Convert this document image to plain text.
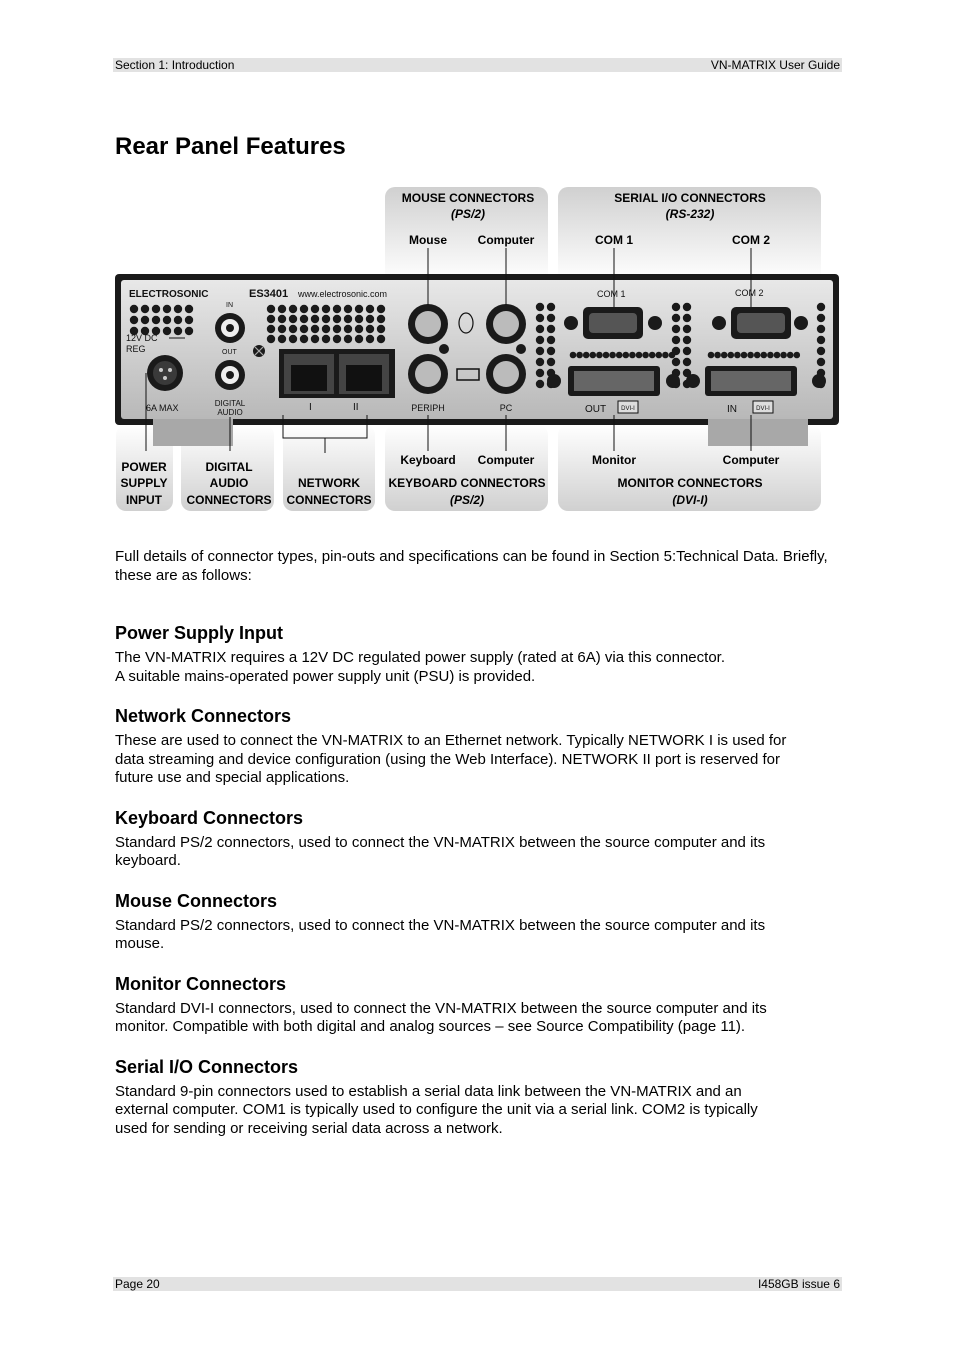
Section 1: Introduction	VN-MATRIX User Guide
Rear Panel Features
MOUSE CONNECTORS
(PS/2)
Mouse	Computer
SERIAL I/O CONNECTORS
(RS-232)
COM 1	COM 2
ELECTROSONIC	ES3401 www.electrosonic.com
12V DC
REG
6A MAX
IN
OUT
DIGITAL
AUDIO	I	II	PERIPH	PC
COM 1	COM 2
OUT	DVI-I	IN	DVI-I
POWER
SUPPLY
INPUT
DIGITAL
AUDIO
CONNECTORS
NETWORK
CONNECTORS
Keyboard Computer
KEYBOARD CONNECTORS
(PS/2)
Monitor	Computer
MONITOR CONNECTORS
(DVI-I)

Full details of connector types, pin-outs and specifications can be found in Section 5:Technical Data. Briefly, these are as follows:

Power Supply Input

The VN-MATRIX requires a 12V DC regulated power supply (rated at 6A) via this connector.

A suitable mains-operated power supply unit (PSU) is provided.

Network Connectors

These are used to connect the VN-MATRIX to an Ethernet network. Typically NETWORK I is used for

data streaming and device configuration (using the Web Interface). NETWORK II port is reserved for

future use and special applications.

Keyboard Connectors

Standard PS/2 connectors, used to connect the VN-MATRIX between the source computer and its

keyboard.

Mouse Connectors

Standard PS/2 connectors, used to connect the VN-MATRIX between the source computer and its

mouse.

Monitor Connectors

Standard DVI-I connectors, used to connect the VN-MATRIX between the source computer and its

monitor. Compatible with both digital and analog sources – see Source Compatibility (page 11).

Serial I/O Connectors

Standard 9-pin connectors used to establish a serial data link between the VN-MATRIX and an

external computer. COM1 is typically used to configure the unit via a serial link. COM2 is typically

used for sending or receiving serial data across a network.

Page 20	I458GB issue 6
